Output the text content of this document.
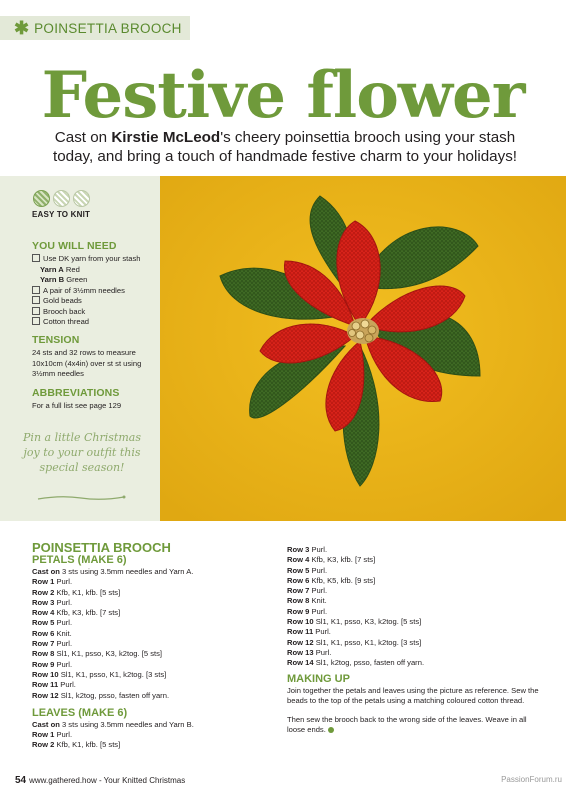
✱ POINSETTIA BROOCH
Festive flower
Cast on Kirstie McLeod's cheery poinsettia brooch using your stash today, and bring a touch of handmade festive charm to your holidays!
EASY TO KNIT
YOU WILL NEED
Use DK yarn from your stash
Yarn A Red
Yarn B Green
A pair of 3½mm needles
Gold beads
Brooch back
Cotton thread
TENSION
24 sts and 32 rows to measure 10x10cm (4x4in) over st st using 3½mm needles
ABBREVIATIONS
For a full list see page 129
Pin a little Christmas joy to your outfit this special season!
POINSETTIA BROOCH
PETALS (MAKE 6)
Cast on 3 sts using 3.5mm needles and Yarn A.
Row 1 Purl.
Row 2 Kfb, K1, kfb. [5 sts]
Row 3 Purl.
Row 4 Kfb, K3, kfb. [7 sts]
Row 5 Purl.
Row 6 Knit.
Row 7 Purl.
Row 8 Sl1, K1, psso, K3, k2tog. [5 sts]
Row 9 Purl.
Row 10 Sl1, K1, psso, K1, k2tog. [3 sts]
Row 11 Purl.
Row 12 Sl1, k2tog, psso, fasten off yarn.
LEAVES (MAKE 6)
Cast on 3 sts using 3.5mm needles and Yarn B.
Row 1 Purl.
Row 2 Kfb, K1, kfb. [5 sts]
Row 3 Purl.
Row 4 Kfb, K3, kfb. [7 sts]
Row 5 Purl.
Row 6 Kfb, K5, kfb. [9 sts]
Row 7 Purl.
Row 8 Knit.
Row 9 Purl.
Row 10 Sl1, K1, psso, K3, k2tog. [5 sts]
Row 11 Purl.
Row 12 Sl1, K1, psso, K1, k2tog. [3 sts]
Row 13 Purl.
Row 14 Sl1, k2tog, psso, fasten off yarn.
MAKING UP
Join together the petals and leaves using the picture as reference. Sew the beads to the top of the petals using a matching coloured cotton thread.
Then sew the brooch back to the wrong side of the leaves. Weave in all loose ends.
54 www.gathered.how - Your Knitted Christmas	PassionForum.ru
